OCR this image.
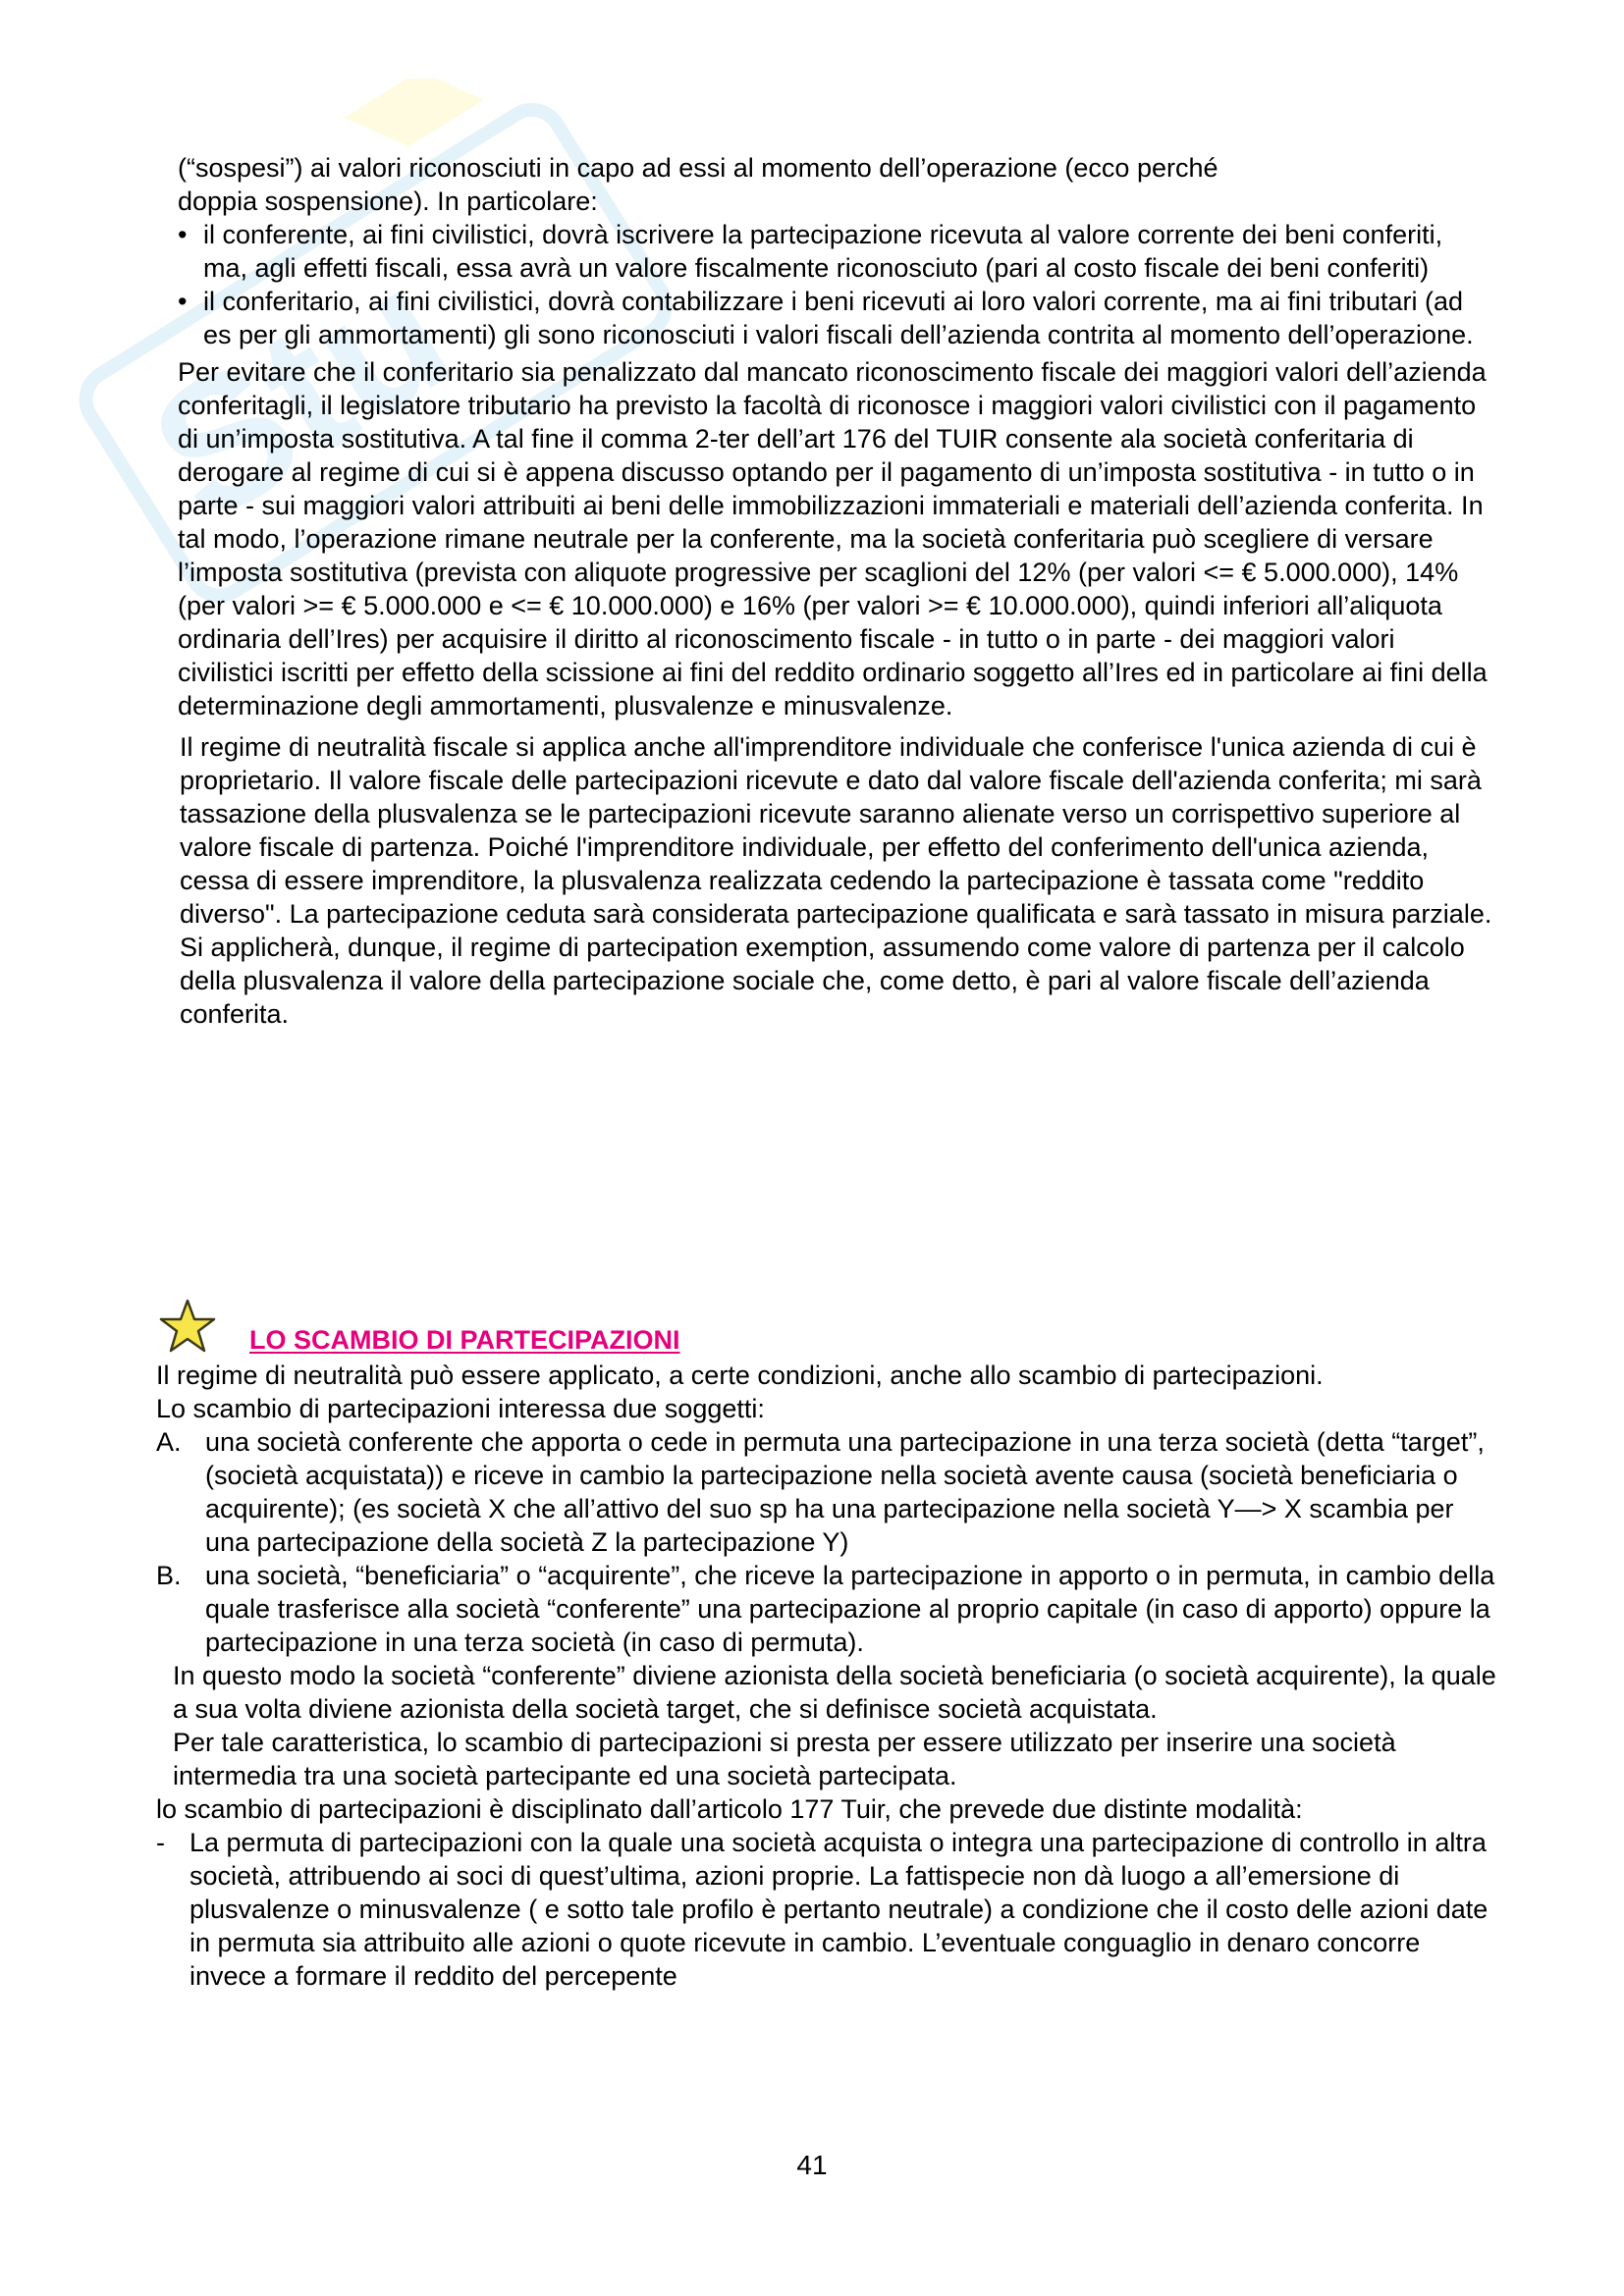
Stu

(“sospesi”) ai valori riconosciuti in capo ad essi al momento dell’operazione (ecco perché

doppia sospensione). In particolare:

• il conferente, ai fini civilistici, dovrà iscrivere la partecipazione ricevuta al valore corrente dei beni conferiti, ma, agli effetti fiscali, essa avrà un valore fiscalmente riconosciuto (pari al costo fiscale dei beni conferiti)
• il conferitario, ai fini civilistici, dovrà contabilizzare i beni ricevuti ai loro valori corrente, ma ai fini tributari (ad es per gli ammortamenti) gli sono riconosciuti i valori fiscali dell’azienda contrita al momento dell’operazione.

Per evitare che il conferitario sia penalizzato dal mancato riconoscimento fiscale dei maggiori valori dell’azienda conferitagli, il legislatore tributario ha previsto la facoltà di riconosce i maggiori valori civilistici con il pagamento di un’imposta sostitutiva. A tal fine il comma 2-ter dell’art 176 del TUIR consente ala società conferitaria di derogare al regime di cui si è appena discusso optando per il pagamento di un’imposta sostitutiva - in tutto o in parte - sui maggiori valori attribuiti ai beni delle immobilizzazioni immateriali e materiali dell’azienda conferita. In tal modo, l’operazione rimane neutrale per la conferente, ma la società conferitaria può scegliere di versare l’imposta sostitutiva (prevista con aliquote progressive per scaglioni del 12% (per valori <= € 5.000.000), 14% (per valori >= € 5.000.000 e <= € 10.000.000) e 16% (per valori >= € 10.000.000), quindi inferiori all’aliquota ordinaria dell’Ires) per acquisire il diritto al riconoscimento fiscale - in tutto o in parte - dei maggiori valori civilistici iscritti per effetto della scissione ai fini del reddito ordinario soggetto all’Ires ed in particolare ai fini della determinazione degli ammortamenti, plusvalenze e minusvalenze.

Il regime di neutralità fiscale si applica anche all'imprenditore individuale che conferisce l'unica azienda di cui è proprietario. Il valore fiscale delle partecipazioni ricevute e dato dal valore fiscale dell'azienda conferita; mi sarà tassazione della plusvalenza se le partecipazioni ricevute saranno alienate verso un corrispettivo superiore al valore fiscale di partenza. Poiché l'imprenditore individuale, per effetto del conferimento dell'unica azienda, cessa di essere imprenditore, la plusvalenza realizzata cedendo la partecipazione è tassata come "reddito diverso". La partecipazione ceduta sarà considerata partecipazione qualificata e sarà tassato in misura parziale. Si applicherà, dunque, il regime di partecipation exemption, assumendo come valore di partenza per il calcolo della plusvalenza il valore della partecipazione sociale che, come detto, è pari al valore fiscale dell’azienda conferita.

LO SCAMBIO DI PARTECIPAZIONI

Il regime di neutralità può essere applicato, a certe condizioni, anche allo scambio di partecipazioni.

Lo scambio di partecipazioni interessa due soggetti:

A. una società conferente che apporta o cede in permuta una partecipazione in una terza società (detta “target”, (società acquistata)) e riceve in cambio la partecipazione nella società avente causa (società beneficiaria o acquirente); (es società X che all’attivo del suo sp ha una partecipazione nella società Y—> X scambia per una partecipazione della società Z la partecipazione Y)
B. una società, “beneficiaria” o “acquirente”, che riceve la partecipazione in apporto o in permuta, in cambio della quale trasferisce alla società “conferente” una partecipazione al proprio capitale (in caso di apporto) oppure la partecipazione in una terza società (in caso di permuta).

In questo modo la società “conferente” diviene azionista della società beneficiaria (o società acquirente), la quale a sua volta diviene azionista della società target, che si definisce società acquistata.

Per tale caratteristica, lo scambio di partecipazioni si presta per essere utilizzato per inserire una società intermedia tra una società partecipante ed una società partecipata.

lo scambio di partecipazioni è disciplinato dall’articolo 177 Tuir, che prevede due distinte modalità:

- La permuta di partecipazioni con la quale una società acquista o integra una partecipazione di controllo in altra società, attribuendo ai soci di quest’ultima, azioni proprie. La fattispecie non dà luogo a all’emersione di plusvalenze o minusvalenze ( e sotto tale profilo è pertanto neutrale) a condizione che il costo delle azioni date in permuta sia attribuito alle azioni o quote ricevute in cambio. L’eventuale conguaglio in denaro concorre invece a formare il reddito del percepente
41
